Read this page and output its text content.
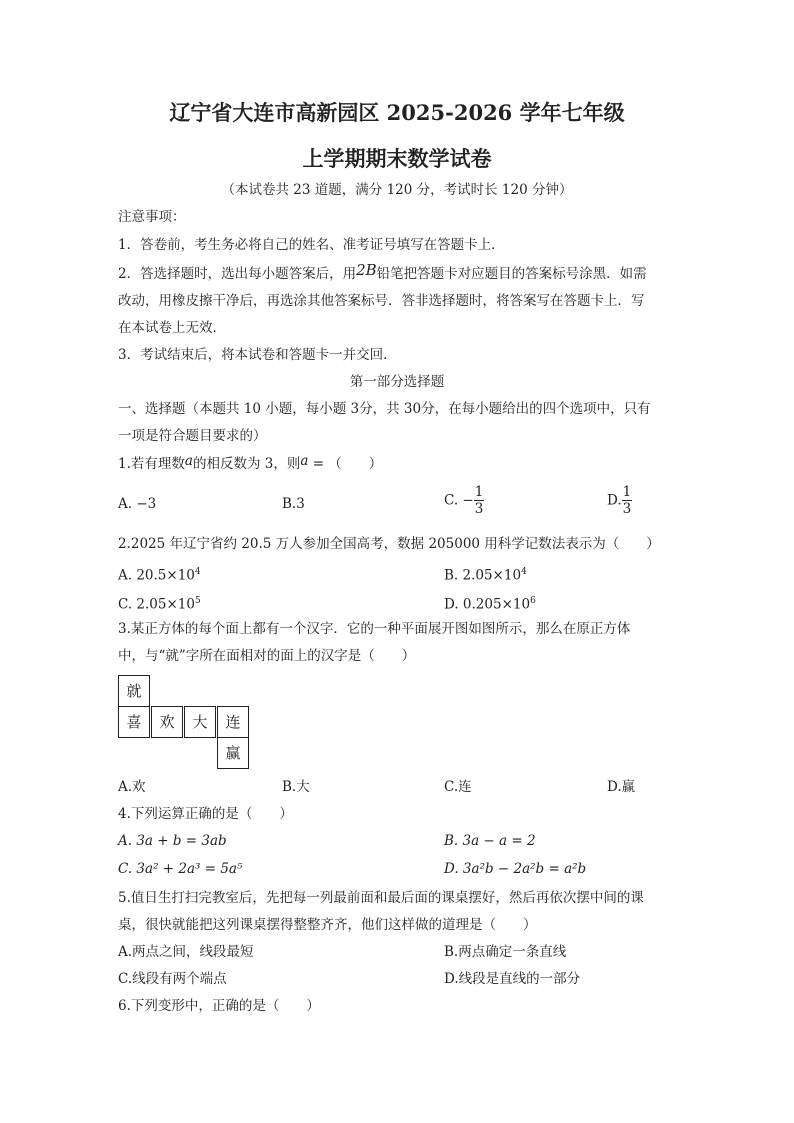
辽宁省大连市高新园区 2025-2026 学年七年级
上学期期末数学试卷
（本试卷共 23 道题，满分 120 分，考试时长 120 分钟）
注意事项：
1．答卷前，考生务必将自己的姓名、准考证号填写在答题卡上．
2．答选择题时，选出每小题答案后，用2B铅笔把答题卡对应题目的答案标号涂黑．如需
改动，用橡皮擦干净后，再选涂其他答案标号．答非选择题时，将答案写在答题卡上．写
在本试卷上无效．
3．考试结束后，将本试卷和答题卡一并交回．
第一部分选择题
一、选择题（本题共 10 小题，每小题 3分，共 30分，在每小题给出的四个选项中，只有
一项是符合题目要求的）
1.若有理数a的相反数为 3，则a = （　　）
A. −3	B.3	C. − $\frac{1}{3}$	D. $\frac{1}{3}$
2.2025 年辽宁省约 20.5 万人参加全国高考，数据 205000 用科学记数法表示为（　　）
A. $20.5\times 10^4$	B. $2.05\times 10^4$
C. $2.05\times 10^5$	D. $0.205\times 10^6$
3.某正方体的每个面上都有一个汉字．它的一种平面展开图如图所示，那么在原正方体
中，与“就”字所在面相对的面上的汉字是（　　）
就
喜	欢	大	连
赢
A.欢	B.大	C.连	D.赢
4.下列运算正确的是（　　）
A. 3a + b = 3ab	B. 3a − a = 2
C. 3a² + 2a³ = 5a⁵	D. 3a²b − 2a²b = a²b
5.值日生打扫完教室后，先把每一列最前面和最后面的课桌摆好，然后再依次摆中间的课
桌，很快就能把这列课桌摆得整整齐齐，他们这样做的道理是（　　）
A.两点之间，线段最短	B.两点确定一条直线
C.线段有两个端点	D.线段是直线的一部分
6.下列变形中，正确的是（　　）
